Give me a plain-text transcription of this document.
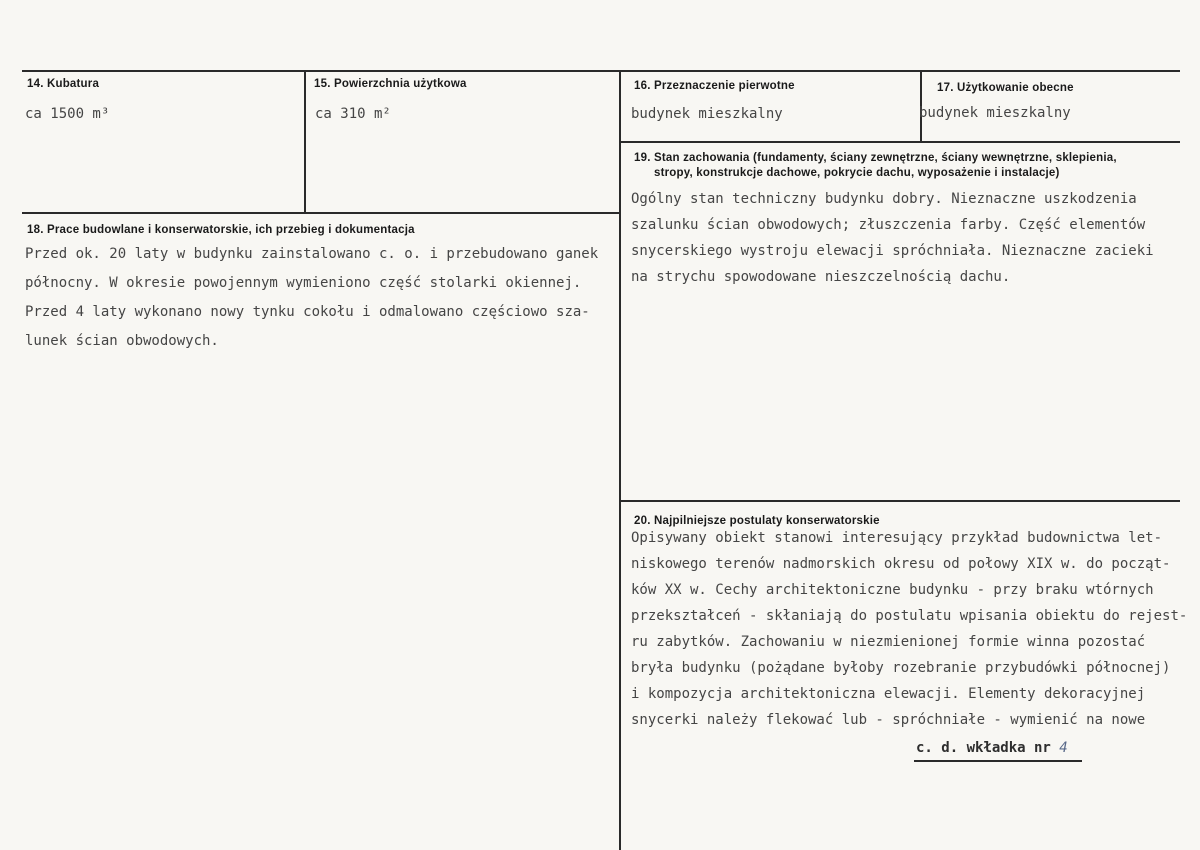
14. Kubatura
ca 1500 m³
15. Powierzchnia użytkowa
ca 310 m²
16. Przeznaczenie pierwotne
budynek mieszkalny
17. Użytkowanie obecne
budynek mieszkalny
18. Prace budowlane i konserwatorskie, ich przebieg i dokumentacja
Przed ok. 20 laty w budynku zainstalowano c. o. i przebudowano ganek
północny. W okresie powojennym wymieniono część stolarki okiennej.
Przed 4 laty wykonano nowy tynku cokołu i odmalowano częściowo sza-
lunek ścian obwodowych.
19. Stan zachowania (fundamenty, ściany zewnętrzne, ściany wewnętrzne, sklepienia,
stropy, konstrukcje dachowe, pokrycie dachu, wyposażenie i instalacje)
Ogólny stan techniczny budynku dobry. Nieznaczne uszkodzenia
szalunku ścian obwodowych; złuszczenia farby. Część elementów
snycerskiego wystroju elewacji spróchniała. Nieznaczne zacieki
na strychu spowodowane nieszczelnością dachu.
20. Najpilniejsze postulaty konserwatorskie
Opisywany obiekt stanowi interesujący przykład budownictwa let-
niskowego terenów nadmorskich okresu od połowy XIX w. do począt-
ków XX w. Cechy architektoniczne budynku - przy braku wtórnych
przekształceń - skłaniają do postulatu wpisania obiektu do rejest-
ru zabytków. Zachowaniu w niezmienionej formie winna pozostać
bryła budynku (pożądane byłoby rozebranie przybudówki północnej)
i kompozycja architektoniczna elewacji. Elementy dekoracyjnej
snycerki należy flekować lub - spróchniałe - wymienić na nowe
c. d. wkładka nr 4
